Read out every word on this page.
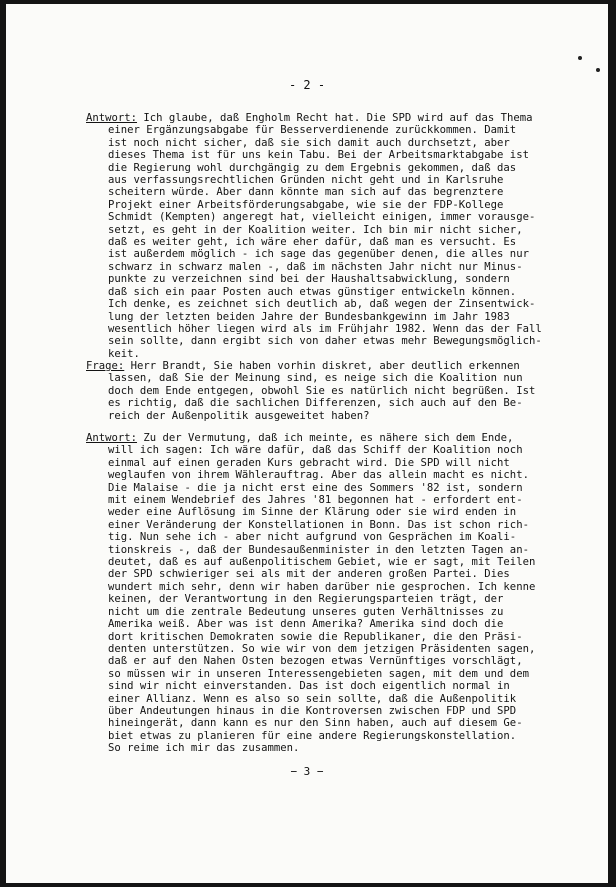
- 2 -
Antwort: Ich glaube, daß Engholm Recht hat. Die SPD wird auf das Thema
einer Ergänzungsabgabe für Besserverdienende zurückkommen. Damit
ist noch nicht sicher, daß sie sich damit auch durchsetzt, aber
dieses Thema ist für uns kein Tabu. Bei der Arbeitsmarktabgabe ist
die Regierung wohl durchgängig zu dem Ergebnis gekommen, daß das
aus verfassungsrechtlichen Gründen nicht geht und in Karlsruhe
scheitern würde. Aber dann könnte man sich auf das begrenztere
Projekt einer Arbeitsförderungsabgabe, wie sie der FDP-Kollege
Schmidt (Kempten) angeregt hat, vielleicht einigen, immer vorausge-
setzt, es geht in der Koalition weiter. Ich bin mir nicht sicher,
daß es weiter geht, ich wäre eher dafür, daß man es versucht. Es
ist außerdem möglich - ich sage das gegenüber denen, die alles nur
schwarz in schwarz malen -, daß im nächsten Jahr nicht nur Minus-
punkte zu verzeichnen sind bei der Haushaltsabwicklung, sondern
daß sich ein paar Posten auch etwas günstiger entwickeln können.
Ich denke, es zeichnet sich deutlich ab, daß wegen der Zinsentwick-
lung der letzten beiden Jahre der Bundesbankgewinn im Jahr 1983
wesentlich höher liegen wird als im Frühjahr 1982. Wenn das der Fall
sein sollte, dann ergibt sich von daher etwas mehr Bewegungsmöglich-
keit.
Frage: Herr Brandt, Sie haben vorhin diskret, aber deutlich erkennen
lassen, daß Sie der Meinung sind, es neige sich die Koalition nun
doch dem Ende entgegen, obwohl Sie es natürlich nicht begrüßen. Ist
es richtig, daß die sachlichen Differenzen, sich auch auf den Be-
reich der Außenpolitik ausgeweitet haben?
Antwort: Zu der Vermutung, daß ich meinte, es nähere sich dem Ende,
will ich sagen: Ich wäre dafür, daß das Schiff der Koalition noch
einmal auf einen geraden Kurs gebracht wird. Die SPD will nicht
weglaufen von ihrem Wählerauftrag. Aber das allein macht es nicht.
Die Malaise - die ja nicht erst eine des Sommers '82 ist, sondern
mit einem Wendebrief des Jahres '81 begonnen hat - erfordert ent-
weder eine Auflösung im Sinne der Klärung oder sie wird enden in
einer Veränderung der Konstellationen in Bonn. Das ist schon rich-
tig. Nun sehe ich - aber nicht aufgrund von Gesprächen im Koali-
tionskreis -, daß der Bundesaußenminister in den letzten Tagen an-
deutet, daß es auf außenpolitischem Gebiet, wie er sagt, mit Teilen
der SPD schwieriger sei als mit der anderen großen Partei. Dies
wundert mich sehr, denn wir haben darüber nie gesprochen. Ich kenne
keinen, der Verantwortung in den Regierungsparteien trägt, der
nicht um die zentrale Bedeutung unseres guten Verhältnisses zu
Amerika weiß. Aber was ist denn Amerika? Amerika sind doch die
dort kritischen Demokraten sowie die Republikaner, die den Präsi-
denten unterstützen. So wie wir von dem jetzigen Präsidenten sagen,
daß er auf den Nahen Osten bezogen etwas Vernünftiges vorschlägt,
so müssen wir in unseren Interessengebieten sagen, mit dem und dem
sind wir nicht einverstanden. Das ist doch eigentlich normal in
einer Allianz. Wenn es also so sein sollte, daß die Außenpolitik
über Andeutungen hinaus in die Kontroversen zwischen FDP und SPD
hineingerät, dann kann es nur den Sinn haben, auch auf diesem Ge-
biet etwas zu planieren für eine andere Regierungskonstellation.
So reime ich mir das zusammen.
− 3 −
